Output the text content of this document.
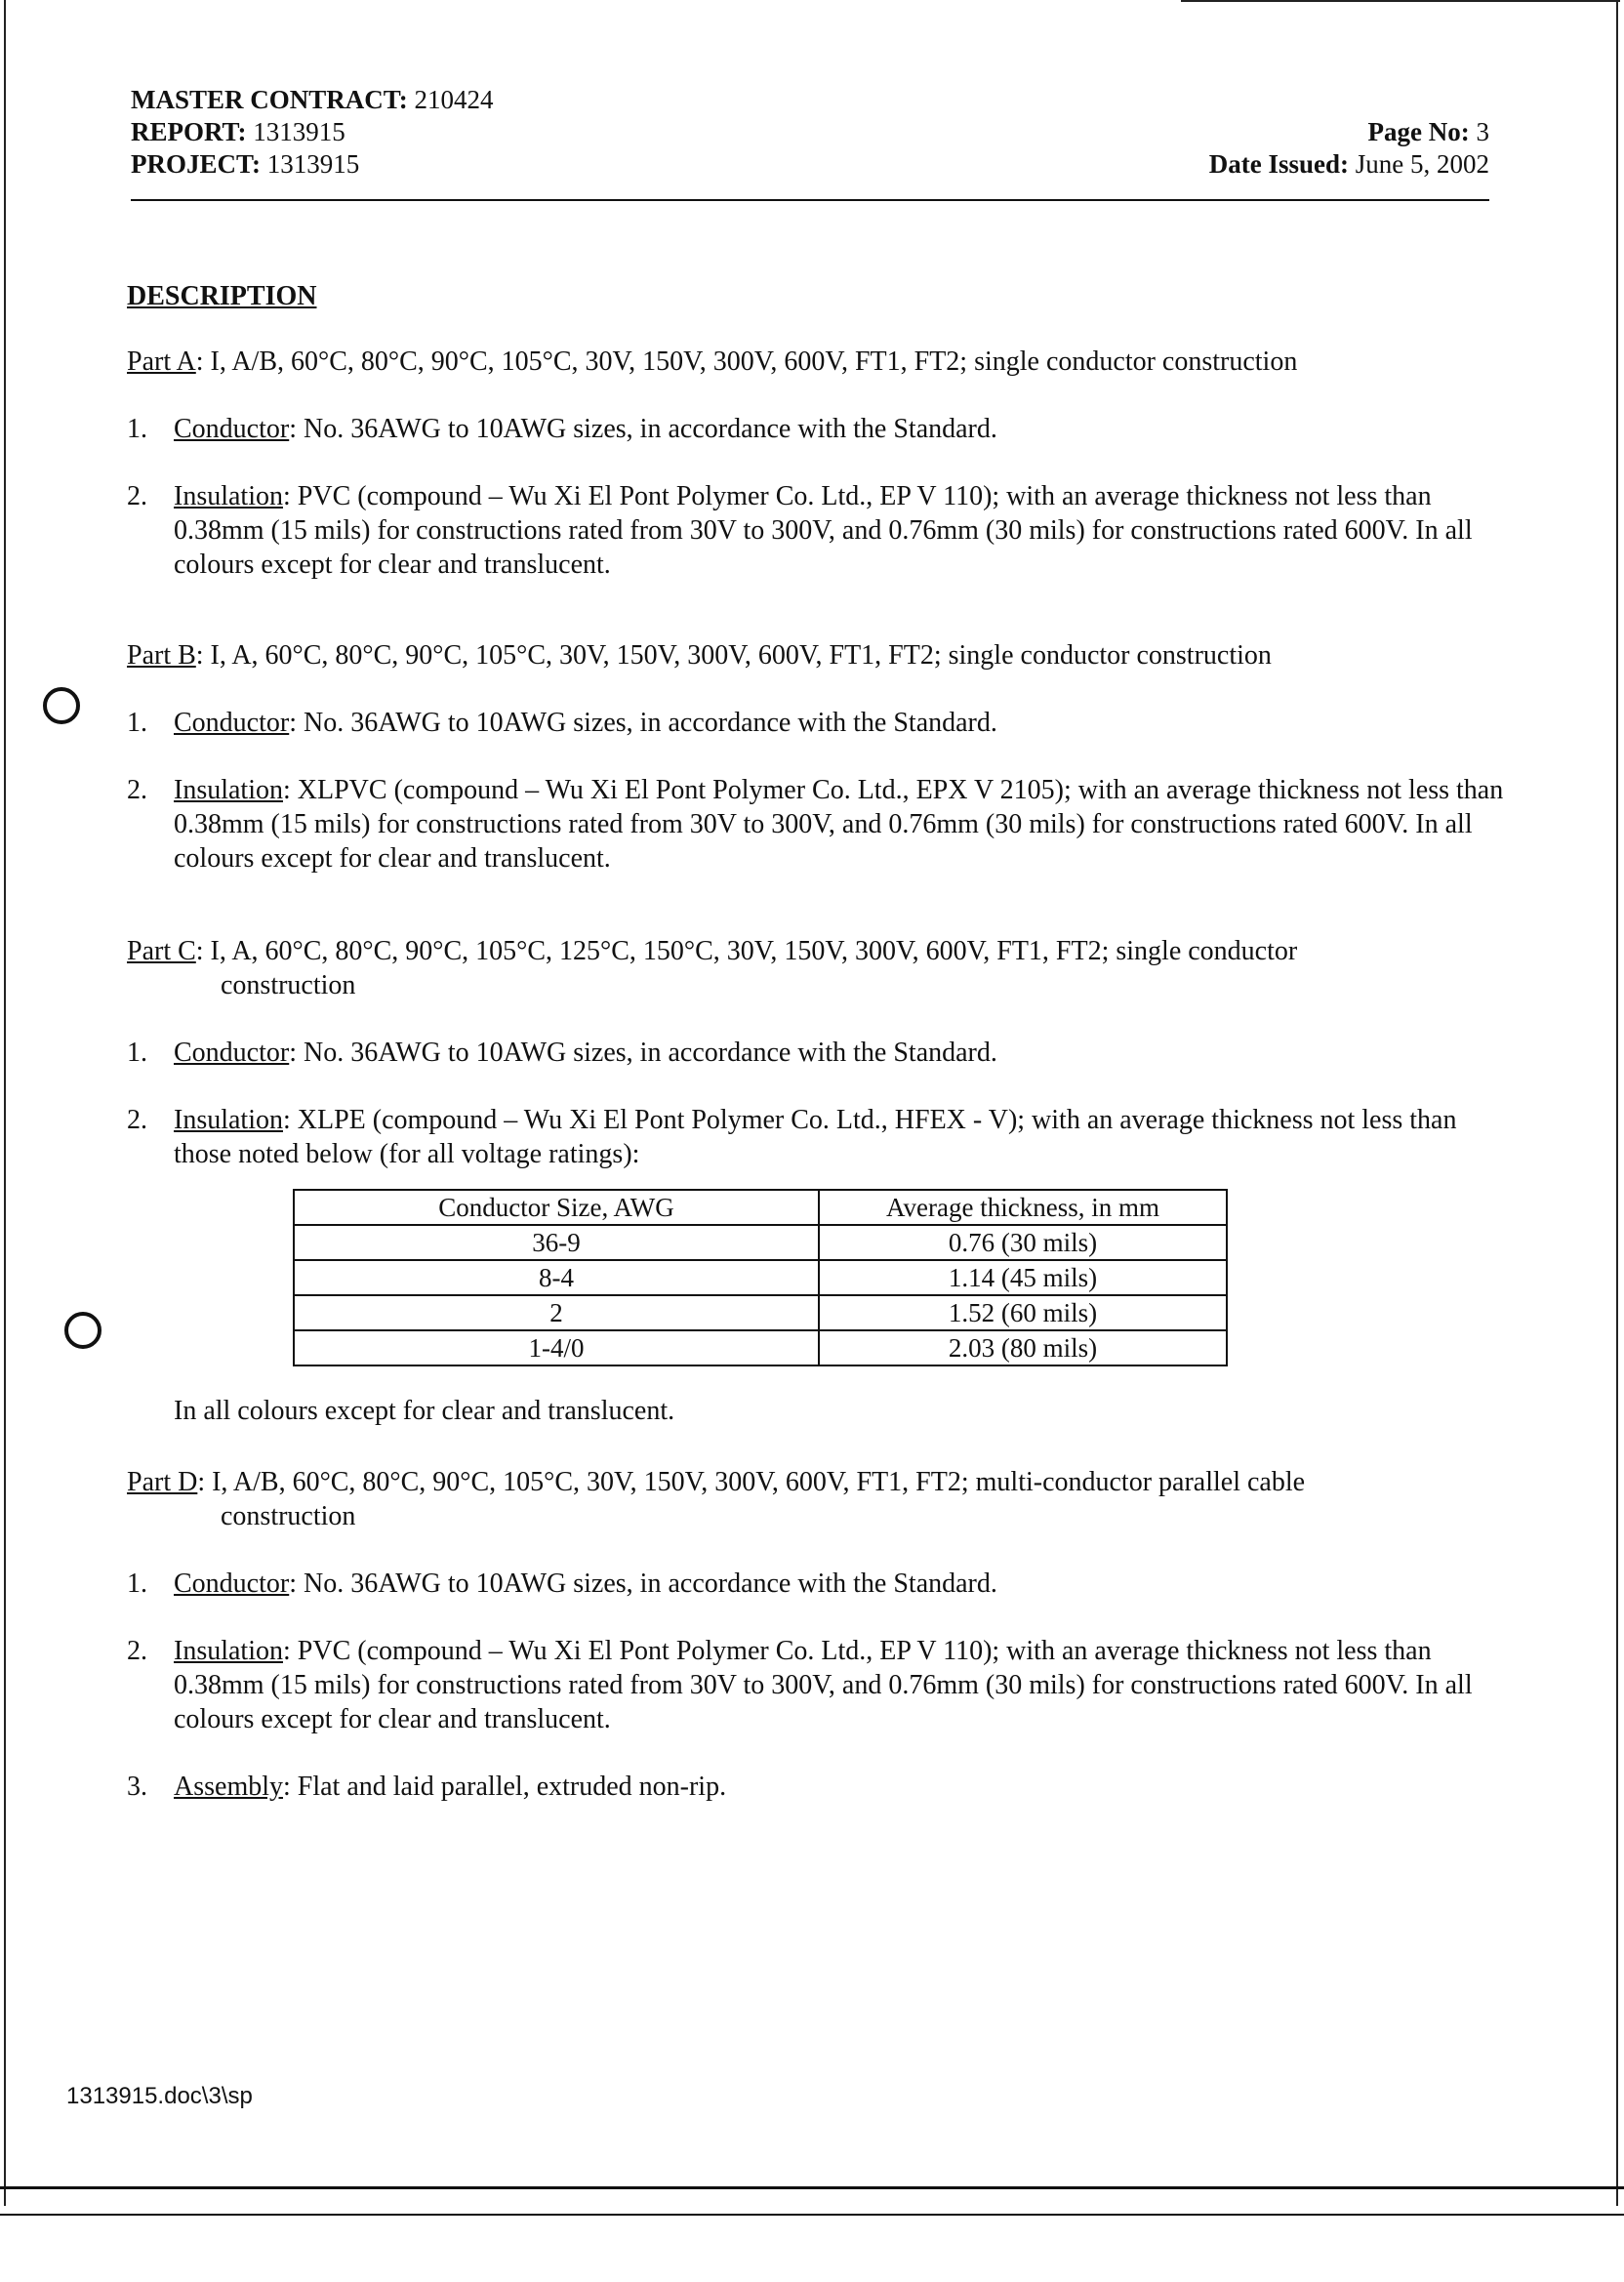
MASTER CONTRACT: 210424
REPORT: 1313915	Page No: 3
PROJECT: 1313915	Date Issued: June 5, 2002
DESCRIPTION

Part A: I, A/B, 60°C, 80°C, 90°C, 105°C, 30V, 150V, 300V, 600V, FT1, FT2; single conductor construction

1. Conductor: No. 36AWG to 10AWG sizes, in accordance with the Standard.
2. Insulation: PVC (compound – Wu Xi El Pont Polymer Co. Ltd., EP V 110); with an average thickness not less than 0.38mm (15 mils) for constructions rated from 30V to 300V, and 0.76mm (30 mils) for constructions rated 600V. In all colours except for clear and translucent.

Part B: I, A, 60°C, 80°C, 90°C, 105°C, 30V, 150V, 300V, 600V, FT1, FT2; single conductor construction

1. Conductor: No. 36AWG to 10AWG sizes, in accordance with the Standard.
2. Insulation: XLPVC (compound – Wu Xi El Pont Polymer Co. Ltd., EPX V 2105); with an average thickness not less than 0.38mm (15 mils) for constructions rated from 30V to 300V, and 0.76mm (30 mils) for constructions rated 600V. In all colours except for clear and translucent.

Part C: I, A, 60°C, 80°C, 90°C, 105°C, 125°C, 150°C, 30V, 150V, 300V, 600V, FT1, FT2; single conductor

construction

1. Conductor: No. 36AWG to 10AWG sizes, in accordance with the Standard.
2. Insulation: XLPE (compound – Wu Xi El Pont Polymer Co. Ltd., HFEX - V); with an average thickness not less than those noted below (for all voltage ratings):
Conductor Size, AWG	Average thickness, in mm
36-9	0.76 (30 mils)
8-4	1.14 (45 mils)
2	1.52 (60 mils)
1-4/0	2.03 (80 mils)

In all colours except for clear and translucent.

Part D: I, A/B, 60°C, 80°C, 90°C, 105°C, 30V, 150V, 300V, 600V, FT1, FT2; multi-conductor parallel cable

construction

1. Conductor: No. 36AWG to 10AWG sizes, in accordance with the Standard.
2. Insulation: PVC (compound – Wu Xi El Pont Polymer Co. Ltd., EP V 110); with an average thickness not less than 0.38mm (15 mils) for constructions rated from 30V to 300V, and 0.76mm (30 mils) for constructions rated 600V. In all colours except for clear and translucent.
3. Assembly: Flat and laid parallel, extruded non-rip.
1313915.doc\3\sp
